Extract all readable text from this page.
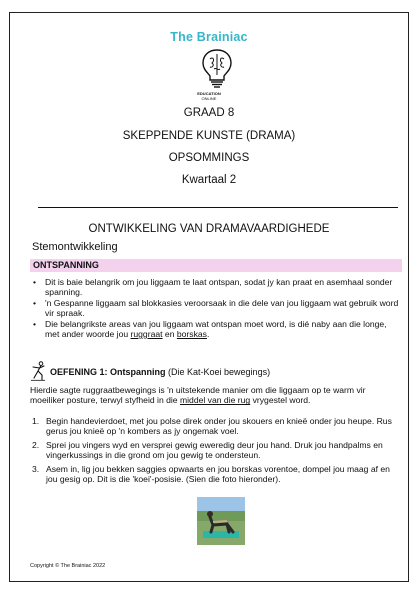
The Brainiac
EDUCATION
ONLINE
GRAAD 8
SKEPPENDE KUNSTE (DRAMA)
OPSOMMINGS
Kwartaal 2
ONTWIKKELING VAN DRAMAVAARDIGHEDE
Stemontwikkeling
ONTSPANNING
• Dit is baie belangrik om jou liggaam te laat ontspan, sodat jy kan praat en asemhaal sonder spanning.
• 'n Gespanne liggaam sal blokkasies veroorsaak in die dele van jou liggaam wat gebruik word vir spraak.
• Die belangrikste areas van jou liggaam wat ontspan moet word, is dié naby aan die longe, met ander woorde jou ruggraat en borskas.
OEFENING 1: Ontspanning (Die Kat-Koei bewegings)

Hierdie sagte ruggraatbewegings is 'n uitstekende manier om die liggaam op te warm vir moeiliker posture, terwyl styfheid in die middel van die rug vrygestel word.

1. Begin handevierdoet, met jou polse direk onder jou skouers en knieë onder jou heupe. Rus gerus jou knieë op 'n kombers as jy ongemak voel.
2. Sprei jou vingers wyd en versprei gewig eweredig deur jou hand. Druk jou handpalms en vingerkussings in die grond om jou gewig te ondersteun.
3. Asem in, lig jou bekken saggies opwaarts en jou borskas vorentoe, dompel jou maag af en jou gesig op. Dit is die 'koei'-posisie. (Sien die foto hieronder).
Copyright © The Brainiac 2022
